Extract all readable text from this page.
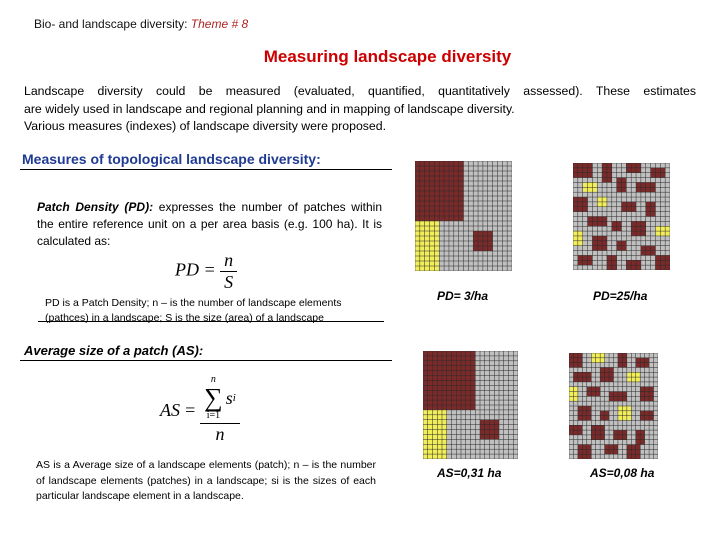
Bio- and landscape diversity: Theme # 8
Measuring landscape diversity
Landscape diversity could be measured (evaluated, quantified, quantitatively assessed). These estimates
are widely used in landscape and regional planning and in mapping of landscape diversity.
Various measures (indexes) of landscape diversity were proposed.
Measures of topological landscape diversity:
Patch Density (PD): expresses the number of patches within the entire reference unit on a per area basis (e.g. 100 ha). It is calculated as:
PD = $\frac{n}{S}$
PD is a Patch Density; n – is the number of landscape elements (pathces) in a landscape; S is the size (area) of a landscape
Average size of a patch (AS):
AS = n
∑
i=1
s i
n
AS is a Average size of a landscape elements (patch); n – is the number of landscape elements (patches) in a landscape; si is the sizes of each particular landscape element in a landscape.
PD= 3/ha	PD=25/ha
AS=0,31 ha	AS=0,08 ha
